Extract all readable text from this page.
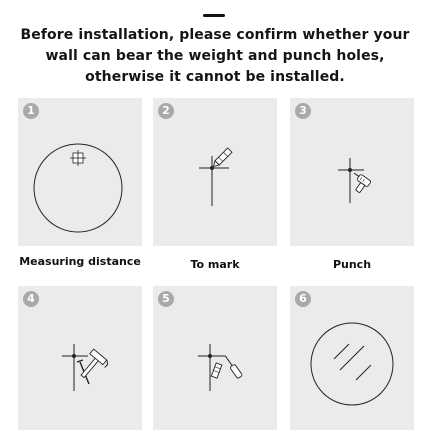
Before installation, please confirm whether your
wall can bear the weight and punch holes,
otherwise it cannot be installed.
1	2	3
Measuring distance	To mark	Punch
4	5	6
